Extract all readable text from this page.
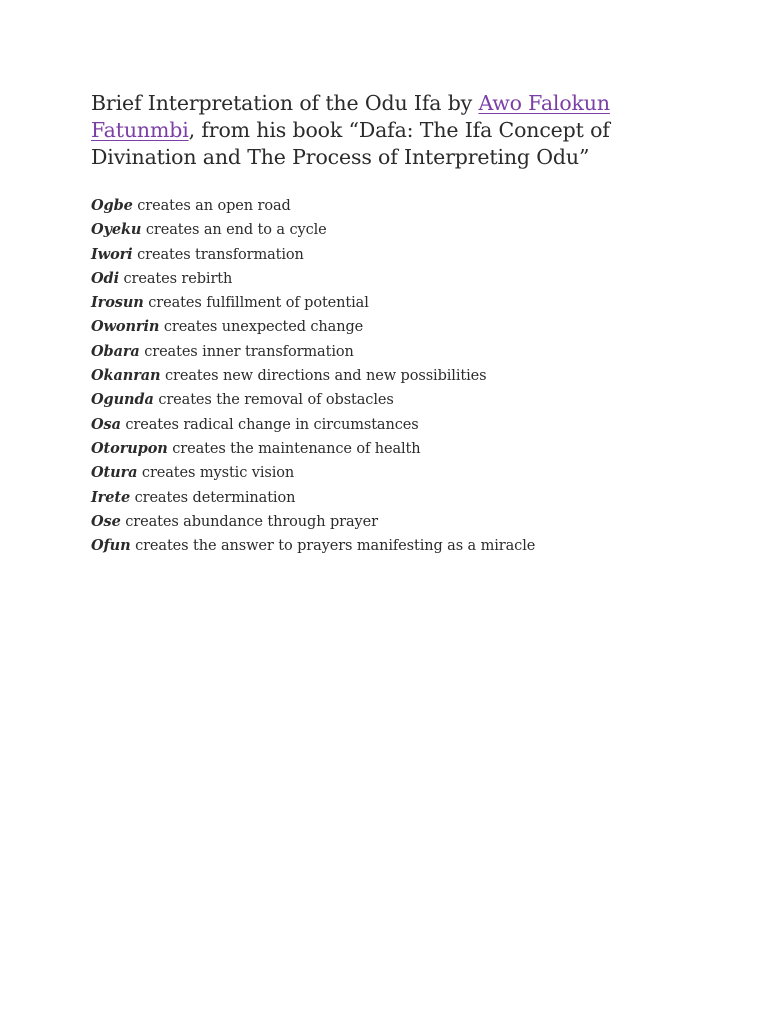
Brief Interpretation of the Odu Ifa by Awo Falokun Fatunmbi, from his book “Dafa: The Ifa Concept of Divination and The Process of Interpreting Odu”
Ogbe creates an open road
Oyeku creates an end to a cycle
Iwori creates transformation
Odi creates rebirth
Irosun creates fulfillment of potential
Owonrin creates unexpected change
Obara creates inner transformation
Okanran creates new directions and new possibilities
Ogunda creates the removal of obstacles
Osa creates radical change in circumstances
Otorupon creates the maintenance of health
Otura creates mystic vision
Irete creates determination
Ose creates abundance through prayer
Ofun creates the answer to prayers manifesting as a miracle
